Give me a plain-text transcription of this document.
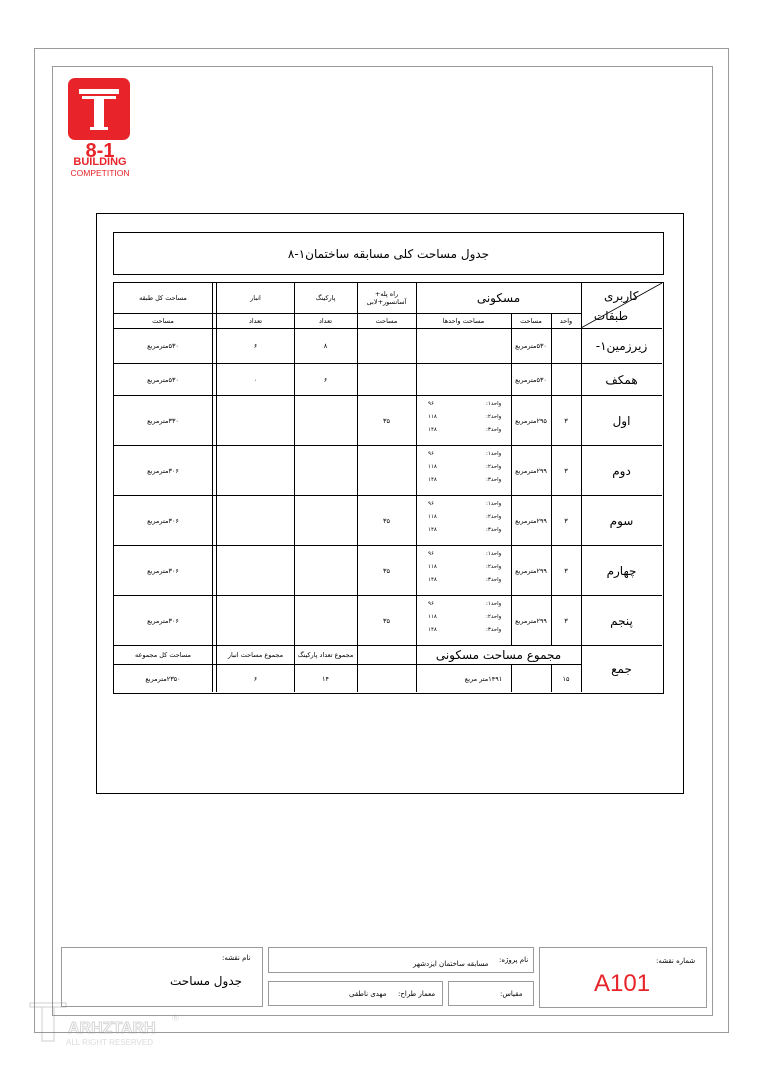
8-1
BUILDING
COMPETITION
جدول مساحت کلی مسابقه ساختمان۱-۸
کاربری
طبقات
مسکونی
واحد
مساحت
مساحت واحدها
راه پله+ آسانسور+لابی
مساحت
پارکینگ
تعداد
انبار
تعداد
مساحت کل طبقه
مساحت
زیرزمین۱-
۵۳۰مترمربع
۸
۶
۵۳۰مترمربع
همکف
۵۳۰مترمربع
۶
۰
۵۳۰مترمربع
اول
۳
۲۹۵مترمربع
واحد۱:
۹۶
واحد۲:
۱۱۸
واحد۳:
۱۴۸
۳۵
۳۳۰مترمربع
دوم
۳
۲۹۹مترمربع
واحد۱:
۹۶
واحد۲:
۱۱۸
واحد۳:
۱۴۸
۳۰۶مترمربع
سوم
۳
۲۹۹مترمربع
واحد۱:
۹۶
واحد۲:
۱۱۸
واحد۳:
۱۴۸
۳۵
۳۰۶مترمربع
چهارم
۳
۲۹۹مترمربع
واحد۱:
۹۶
واحد۲:
۱۱۸
واحد۳:
۱۴۸
۳۵
۳۰۶مترمربع
پنجم
۳
۲۹۹مترمربع
واحد۱:
۹۶
واحد۲:
۱۱۸
واحد۳:
۱۴۸
۳۵
۳۰۶مترمربع
جمع
مجموع مساحت مسکونی
مجموع تعداد پارکینگ
مجموع مساحت انبار
مساحت کل مجموعه
۱۵
۱۴۹۱متر مربع
۱۴
۶
۲۳۵۰مترمربع
شماره نقشه:
A101
نام پروژه:
مسابقه ساختمان ایزدشهر
مقیاس:
معمار طراح:
مهدی ناطقی
نام نقشه:
جدول مساحت
ARHZTARH
ALL RIGHT RESERVED
®
